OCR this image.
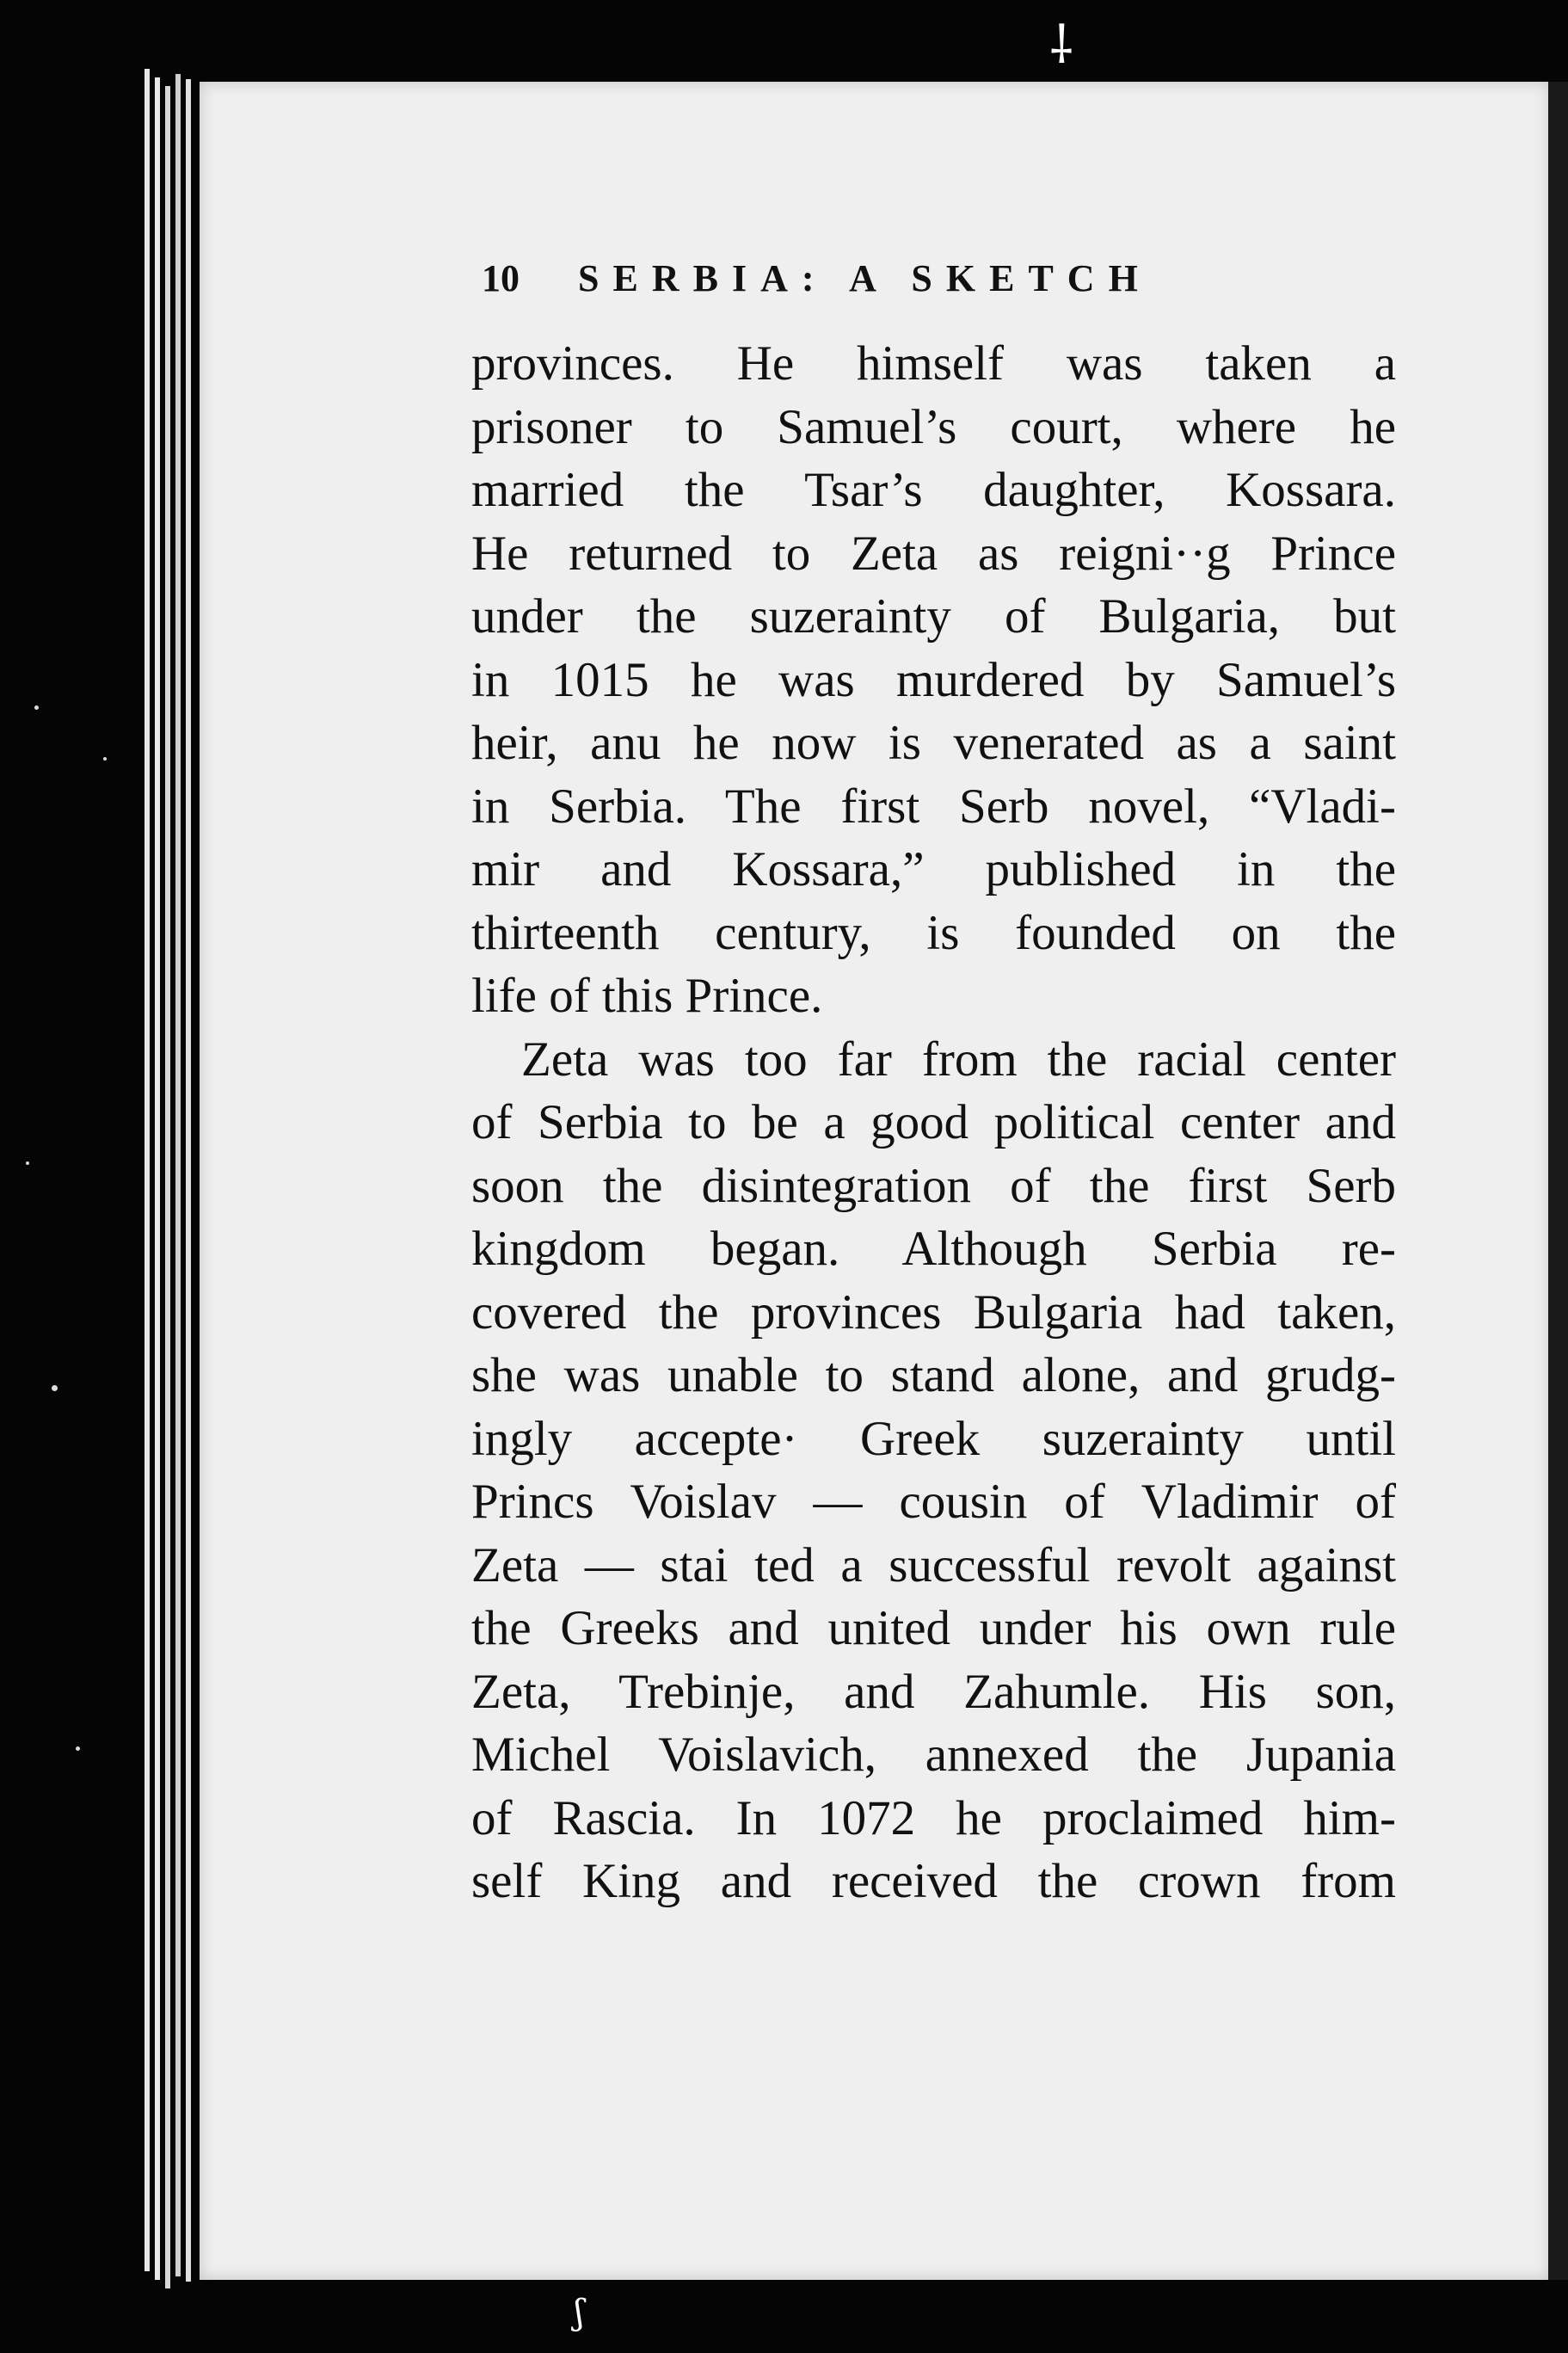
⸸
ʃ
10 SERBIA: A SKETCH
provinces. He himself was taken a
prisoner to Samuel’s court, where he
married the Tsar’s daughter, Kossara.
He returned to Zeta as reigni··g Prince
under the suzerainty of Bulgaria, but
in 1015 he was murdered by Samuel’s
heir, anu he now is venerated as a saint
in Serbia. The first Serb novel, “Vladi-
mir and Kossara,” published in the
thirteenth century, is founded on the
life of this Prince.
Zeta was too far from the racial center
of Serbia to be a good political center and
soon the disintegration of the first Serb
kingdom began. Although Serbia re-
covered the provinces Bulgaria had taken,
she was unable to stand alone, and grudg-
ingly accepte· Greek suzerainty until
Princs Voislav — cousin of Vladimir of
Zeta — stai ted a successful revolt against
the Greeks and united under his own rule
Zeta, Trebinje, and Zahumle. His son,
Michel Voislavich, annexed the Jupania
of Rascia. In 1072 he proclaimed him-
self King and received the crown from
